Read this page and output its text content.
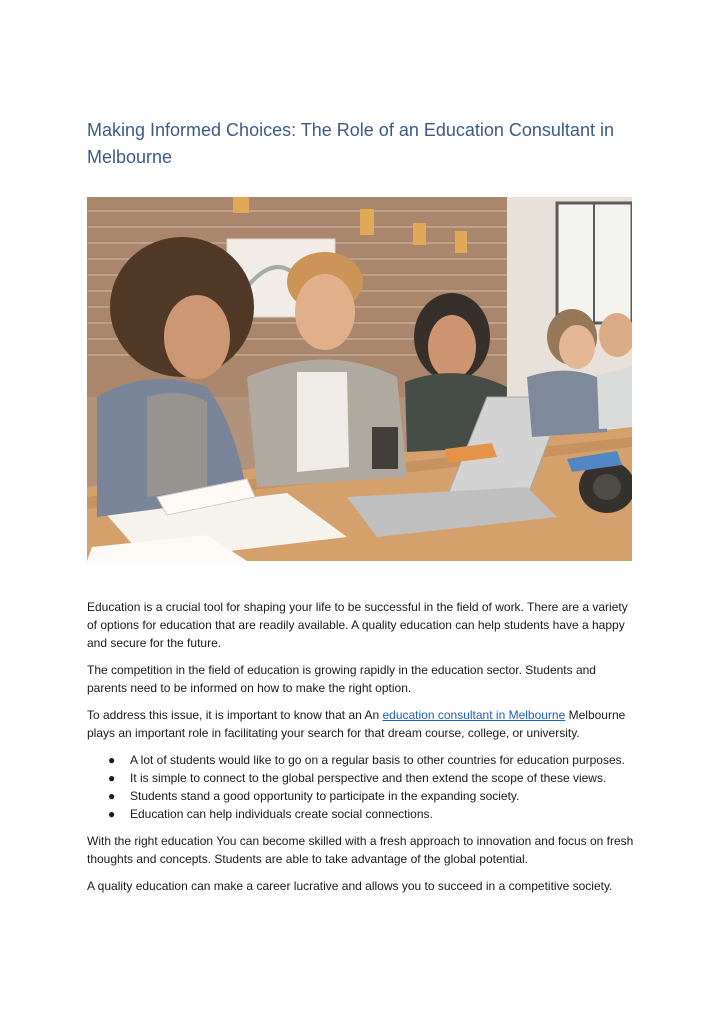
Making Informed Choices: The Role of an Education Consultant in Melbourne

Education is a crucial tool for shaping your life to be successful in the field of work. There are a variety of options for education that are readily available. A quality education can help students have a happy and secure for the future.

The competition in the field of education is growing rapidly in the education sector. Students and parents need to be informed on how to make the right option.

To address this issue, it is important to know that an An education consultant in Melbourne Melbourne plays an important role in facilitating your search for that dream course, college, or university.

● A lot of students would like to go on a regular basis to other countries for education purposes.
● It is simple to connect to the global perspective and then extend the scope of these views.
● Students stand a good opportunity to participate in the expanding society.
● Education can help individuals create social connections.

With the right education You can become skilled with a fresh approach to innovation and focus on fresh thoughts and concepts. Students are able to take advantage of the global potential.

A quality education can make a career lucrative and allows you to succeed in a competitive society.
